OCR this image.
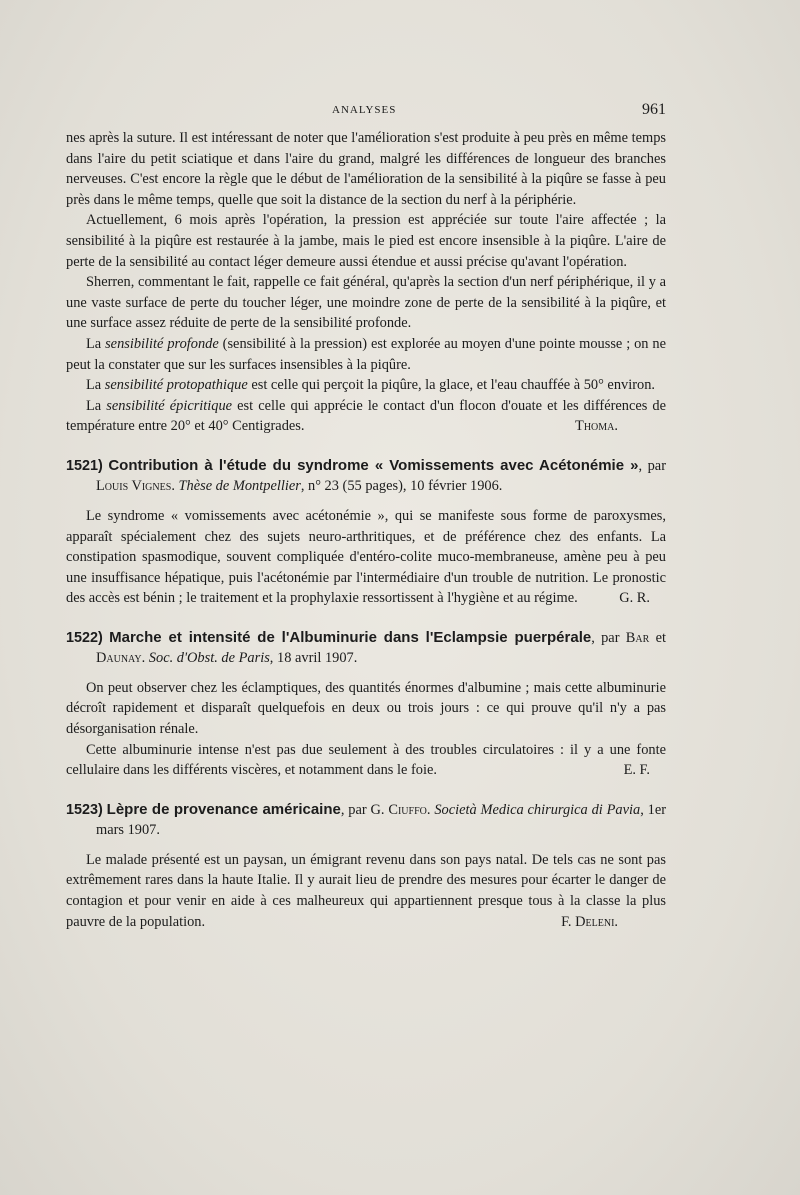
ANALYSES	961

nes après la suture. Il est intéressant de noter que l'amélioration s'est produite à peu près en même temps dans l'aire du petit sciatique et dans l'aire du grand, malgré les différences de longueur des branches nerveuses. C'est encore la règle que le début de l'amélioration de la sensibilité à la piqûre se fasse à peu près dans le même temps, quelle que soit la distance de la section du nerf à la périphérie.

Actuellement, 6 mois après l'opération, la pression est appréciée sur toute l'aire affectée ; la sensibilité à la piqûre est restaurée à la jambe, mais le pied est encore insensible à la piqûre. L'aire de perte de la sensibilité au contact léger demeure aussi étendue et aussi précise qu'avant l'opération.

Sherren, commentant le fait, rappelle ce fait général, qu'après la section d'un nerf périphérique, il y a une vaste surface de perte du toucher léger, une moindre zone de perte de la sensibilité à la piqûre, et une surface assez réduite de perte de la sensibilité profonde.

La sensibilité profonde (sensibilité à la pression) est explorée au moyen d'une pointe mousse ; on ne peut la constater que sur les surfaces insensibles à la piqûre.

La sensibilité protopathique est celle qui perçoit la piqûre, la glace, et l'eau chauffée à 50° environ.

La sensibilité épicritique est celle qui apprécie le contact d'un flocon d'ouate et les différences de température entre 20° et 40° Centigrades.	Thoma.

1521) Contribution à l'étude du syndrome « Vomissements avec Acétonémie », par Louis Vignes. Thèse de Montpellier, n° 23 (55 pages), 10 février 1906.

Le syndrome « vomissements avec acétonémie », qui se manifeste sous forme de paroxysmes, apparaît spécialement chez des sujets neuro-arthritiques, et de préférence chez des enfants. La constipation spasmodique, souvent compliquée d'entéro-colite muco-membraneuse, amène peu à peu une insuffisance hépatique, puis l'acétonémie par l'intermédiaire d'un trouble de nutrition. Le pronostic des accès est bénin ; le traitement et la prophylaxie ressortissent à l'hygiène et au régime.	G. R.

1522) Marche et intensité de l'Albuminurie dans l'Eclampsie puerpérale, par Bar et Daunay. Soc. d'Obst. de Paris, 18 avril 1907.

On peut observer chez les éclamptiques, des quantités énormes d'albumine ; mais cette albuminurie décroît rapidement et disparaît quelquefois en deux ou trois jours : ce qui prouve qu'il n'y a pas désorganisation rénale.

Cette albuminurie intense n'est pas due seulement à des troubles circulatoires : il y a une fonte cellulaire dans les différents viscères, et notamment dans le foie.	E. F.

1523) Lèpre de provenance américaine, par G. Ciuffo. Società Medica chirurgica di Pavia, 1er mars 1907.

Le malade présenté est un paysan, un émigrant revenu dans son pays natal. De tels cas ne sont pas extrêmement rares dans la haute Italie. Il y aurait lieu de prendre des mesures pour écarter le danger de contagion et pour venir en aide à ces malheureux qui appartiennent presque tous à la classe la plus pauvre de la population.	F. Deleni.
